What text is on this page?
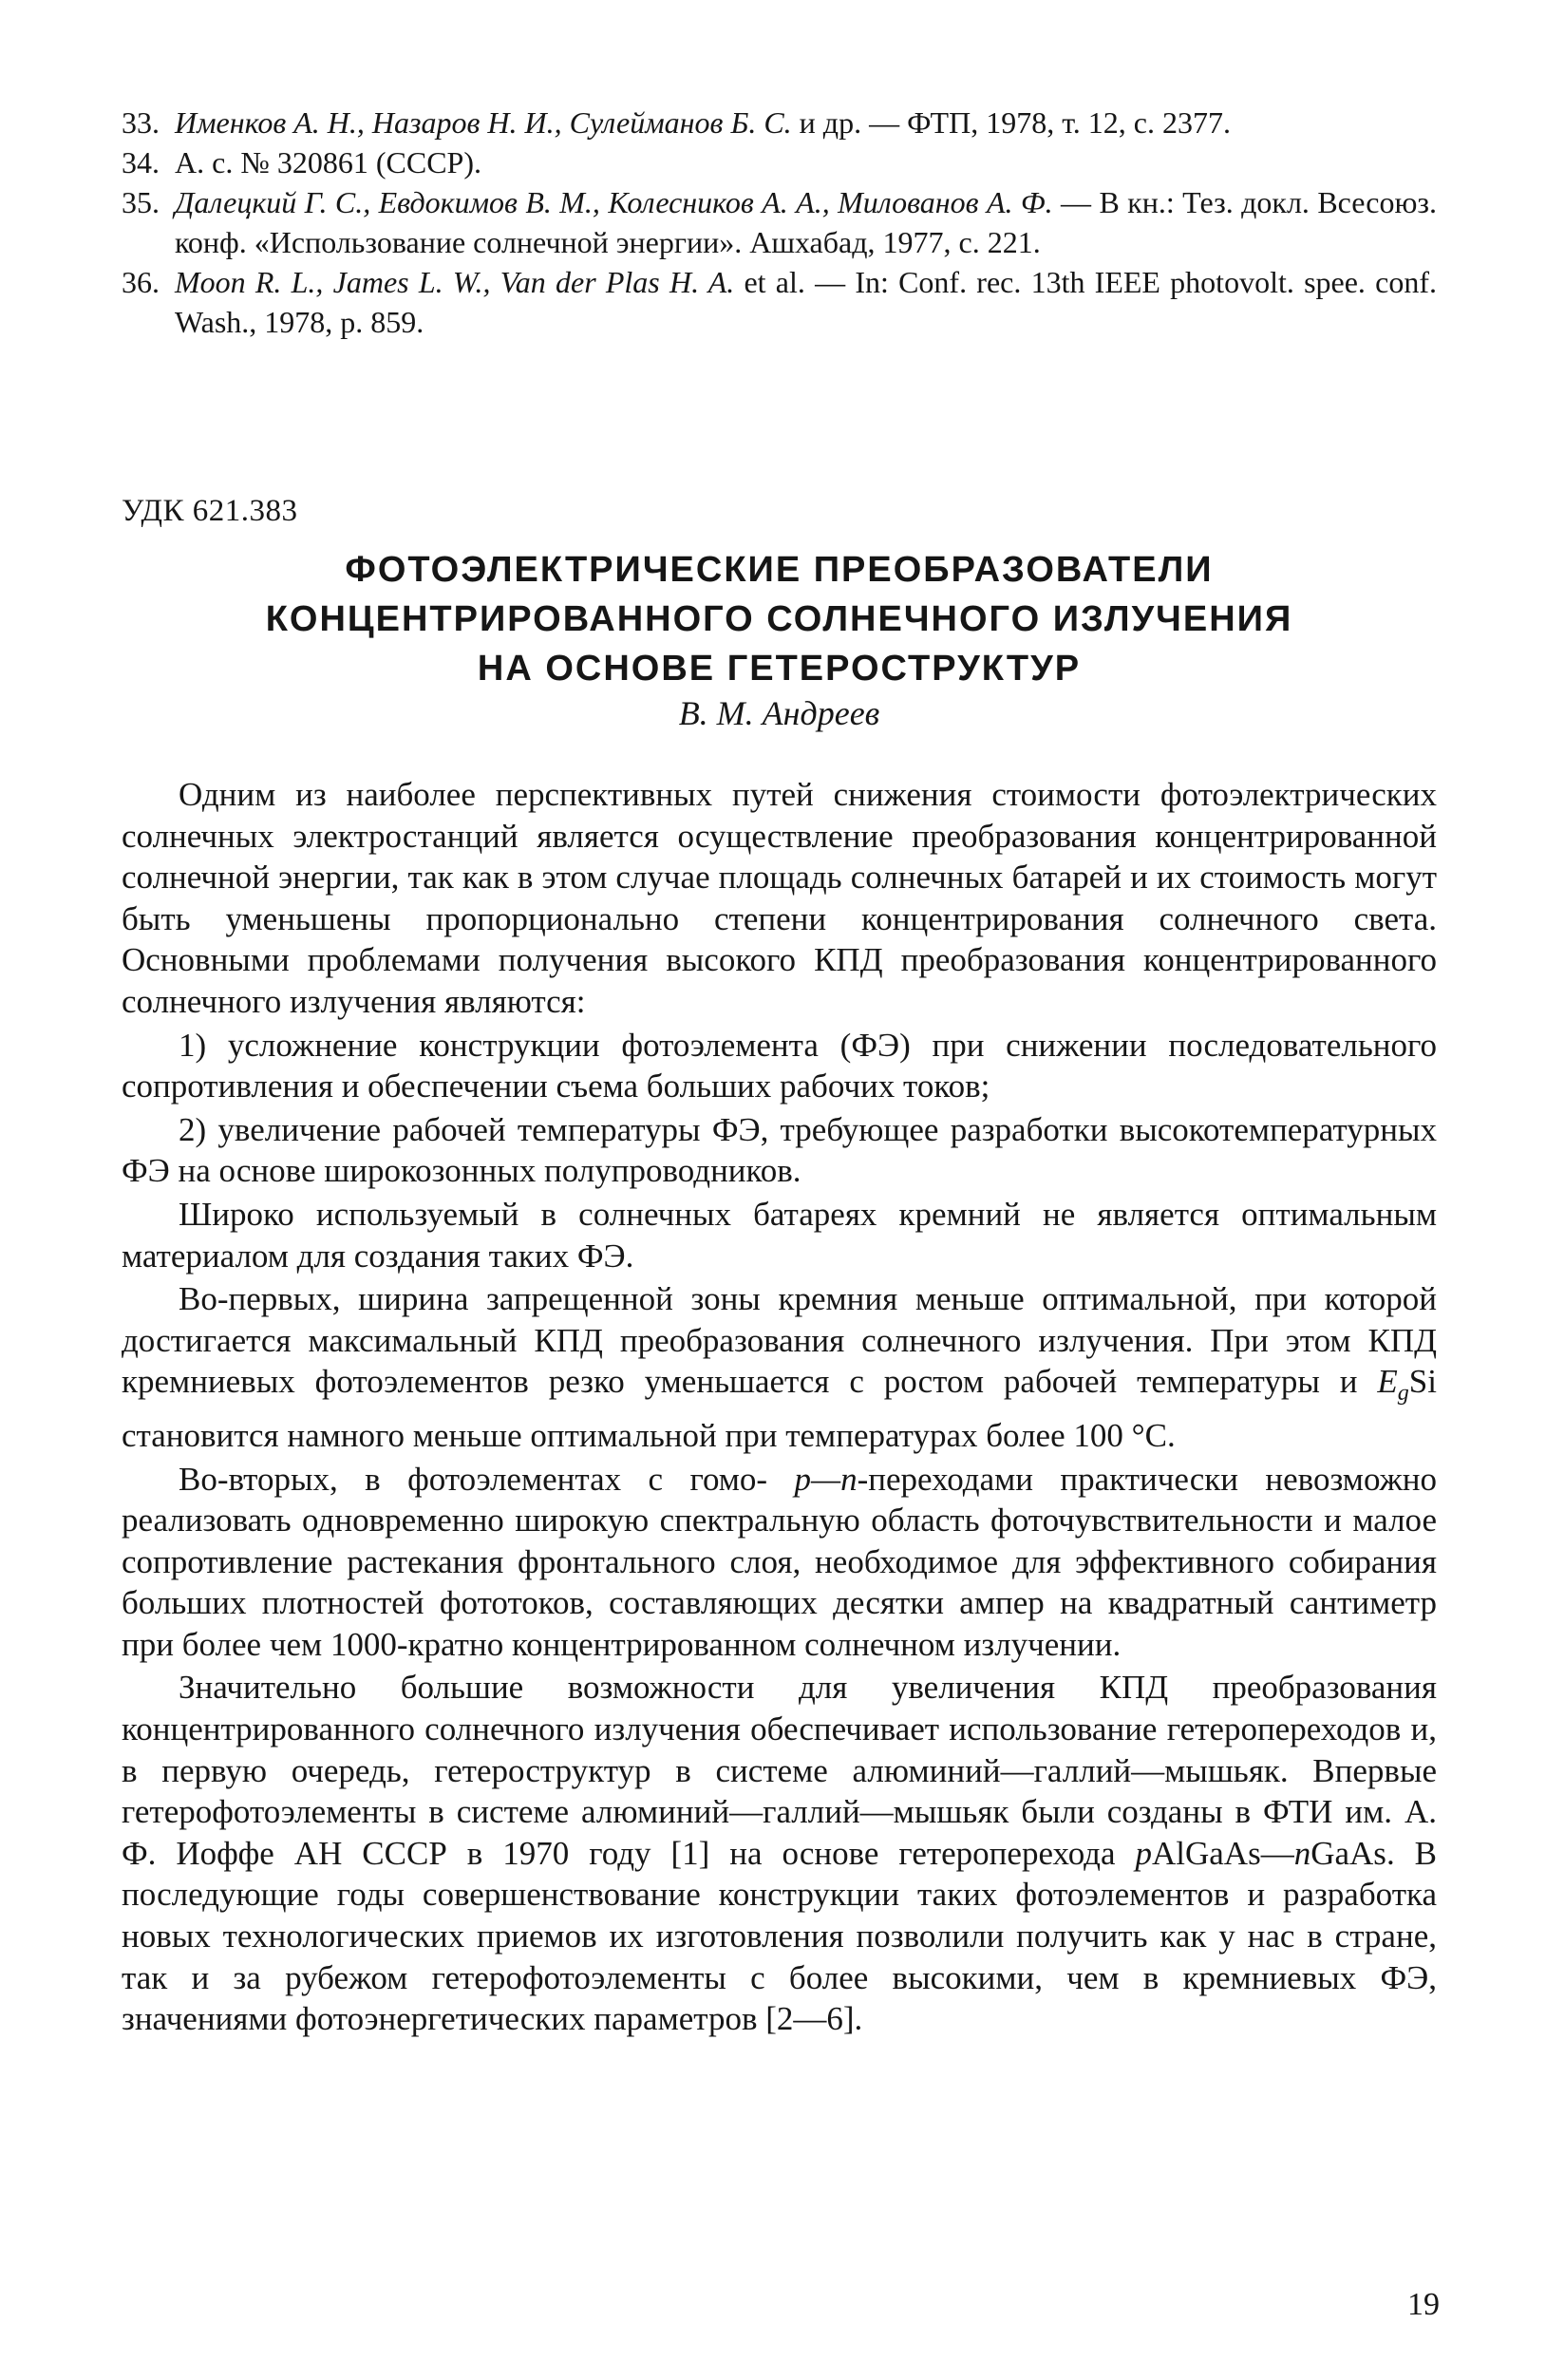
33. Именков А. Н., Назаров Н. И., Сулейманов Б. С. и др. — ФТП, 1978, т. 12, с. 2377.
34. А. с. № 320861 (СССР).
35. Далецкий Г. С., Евдокимов В. М., Колесников А. А., Милованов А. Ф. — В кн.: Тез. докл. Всесоюз. конф. «Использование солнечной энергии». Ашхабад, 1977, с. 221.
36. Moon R. L., James L. W., Van der Plas H. A. et al. — In: Conf. rec. 13th IEEE photovolt. spee. conf. Wash., 1978, p. 859.
УДК 621.383
ФОТОЭЛЕКТРИЧЕСКИЕ ПРЕОБРАЗОВАТЕЛИ
КОНЦЕНТРИРОВАННОГО СОЛНЕЧНОГО ИЗЛУЧЕНИЯ
НА ОСНОВЕ ГЕТЕРОСТРУКТУР
В. М. Андреев

Одним из наиболее перспективных путей снижения стоимости фотоэлектрических солнечных электростанций является осуществление преобразования концентрированной солнечной энергии, так как в этом случае площадь солнечных батарей и их стоимость могут быть уменьшены пропорционально степени концентрирования солнечного света. Основными проблемами получения высокого КПД преобразования концентрированного солнечного излучения являются:

1) усложнение конструкции фотоэлемента (ФЭ) при снижении последовательного сопротивления и обеспечении съема больших рабочих токов;

2) увеличение рабочей температуры ФЭ, требующее разработки высокотемпературных ФЭ на основе широкозонных полупроводников.

Широко используемый в солнечных батареях кремний не является оптимальным материалом для создания таких ФЭ.

Во-первых, ширина запрещенной зоны кремния меньше оптимальной, при которой достигается максимальный КПД преобразования солнечного излучения. При этом КПД кремниевых фотоэлементов резко уменьшается с ростом рабочей температуры и $E_gSi$ становится намного меньше оптимальной при температурах более 100 °С.

Во-вторых, в фотоэлементах с гомо- p—n-переходами практически невозможно реализовать одновременно широкую спектральную область фоточувствительности и малое сопротивление растекания фронтального слоя, необходимое для эффективного собирания больших плотностей фототоков, составляющих десятки ампер на квадратный сантиметр при более чем 1000-кратно концентрированном солнечном излучении.

Значительно большие возможности для увеличения КПД преобразования концентрированного солнечного излучения обеспечивает использование гетеропереходов и, в первую очередь, гетероструктур в системе алюминий—галлий—мышьяк. Впервые гетерофотоэлементы в системе алюминий—галлий—мышьяк были созданы в ФТИ им. А. Ф. Иоффе АН СССР в 1970 году [1] на основе гетероперехода pAlGaAs—nGaAs. В последующие годы совершенствование конструкции таких фотоэлементов и разработка новых технологических приемов их изготовления позволили получить как у нас в стране, так и за рубежом гетерофотоэлементы с более высокими, чем в кремниевых ФЭ, значениями фотоэнергетических параметров [2—6].

19
